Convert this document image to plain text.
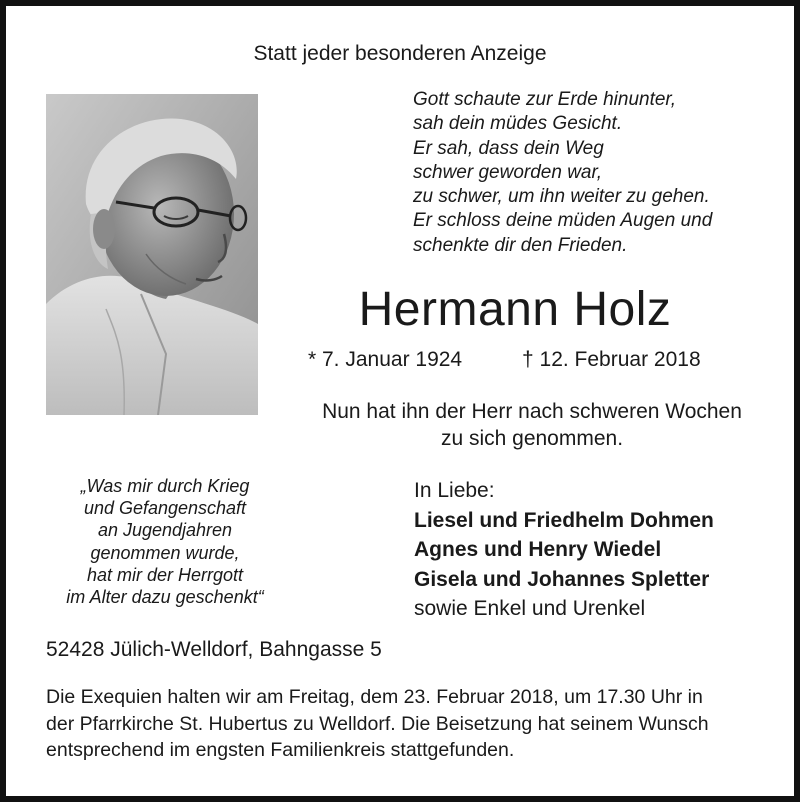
Statt jeder besonderen Anzeige
Gott schaute zur Erde hinunter,
sah dein müdes Gesicht.
Er sah, dass dein Weg
schwer geworden war,
zu schwer, um ihn weiter zu gehen.
Er schloss deine müden Augen und
schenkte dir den Frieden.
Hermann Holz
* 7. Januar 1924	† 12. Februar 2018
Nun hat ihn der Herr nach schweren Wochen
zu sich genommen.
„Was mir durch Krieg
und Gefangenschaft
an Jugendjahren
genommen wurde,
hat mir der Herrgott
im Alter dazu geschenkt“
In Liebe:
Liesel und Friedhelm Dohmen
Agnes und Henry Wiedel
Gisela und Johannes Spletter
sowie Enkel und Urenkel
52428 Jülich-Welldorf, Bahngasse 5
Die Exequien halten wir am Freitag, dem 23. Februar 2018, um 17.30 Uhr in
der Pfarrkirche St. Hubertus zu Welldorf. Die Beisetzung hat seinem Wunsch
entsprechend im engsten Familienkreis stattgefunden.
